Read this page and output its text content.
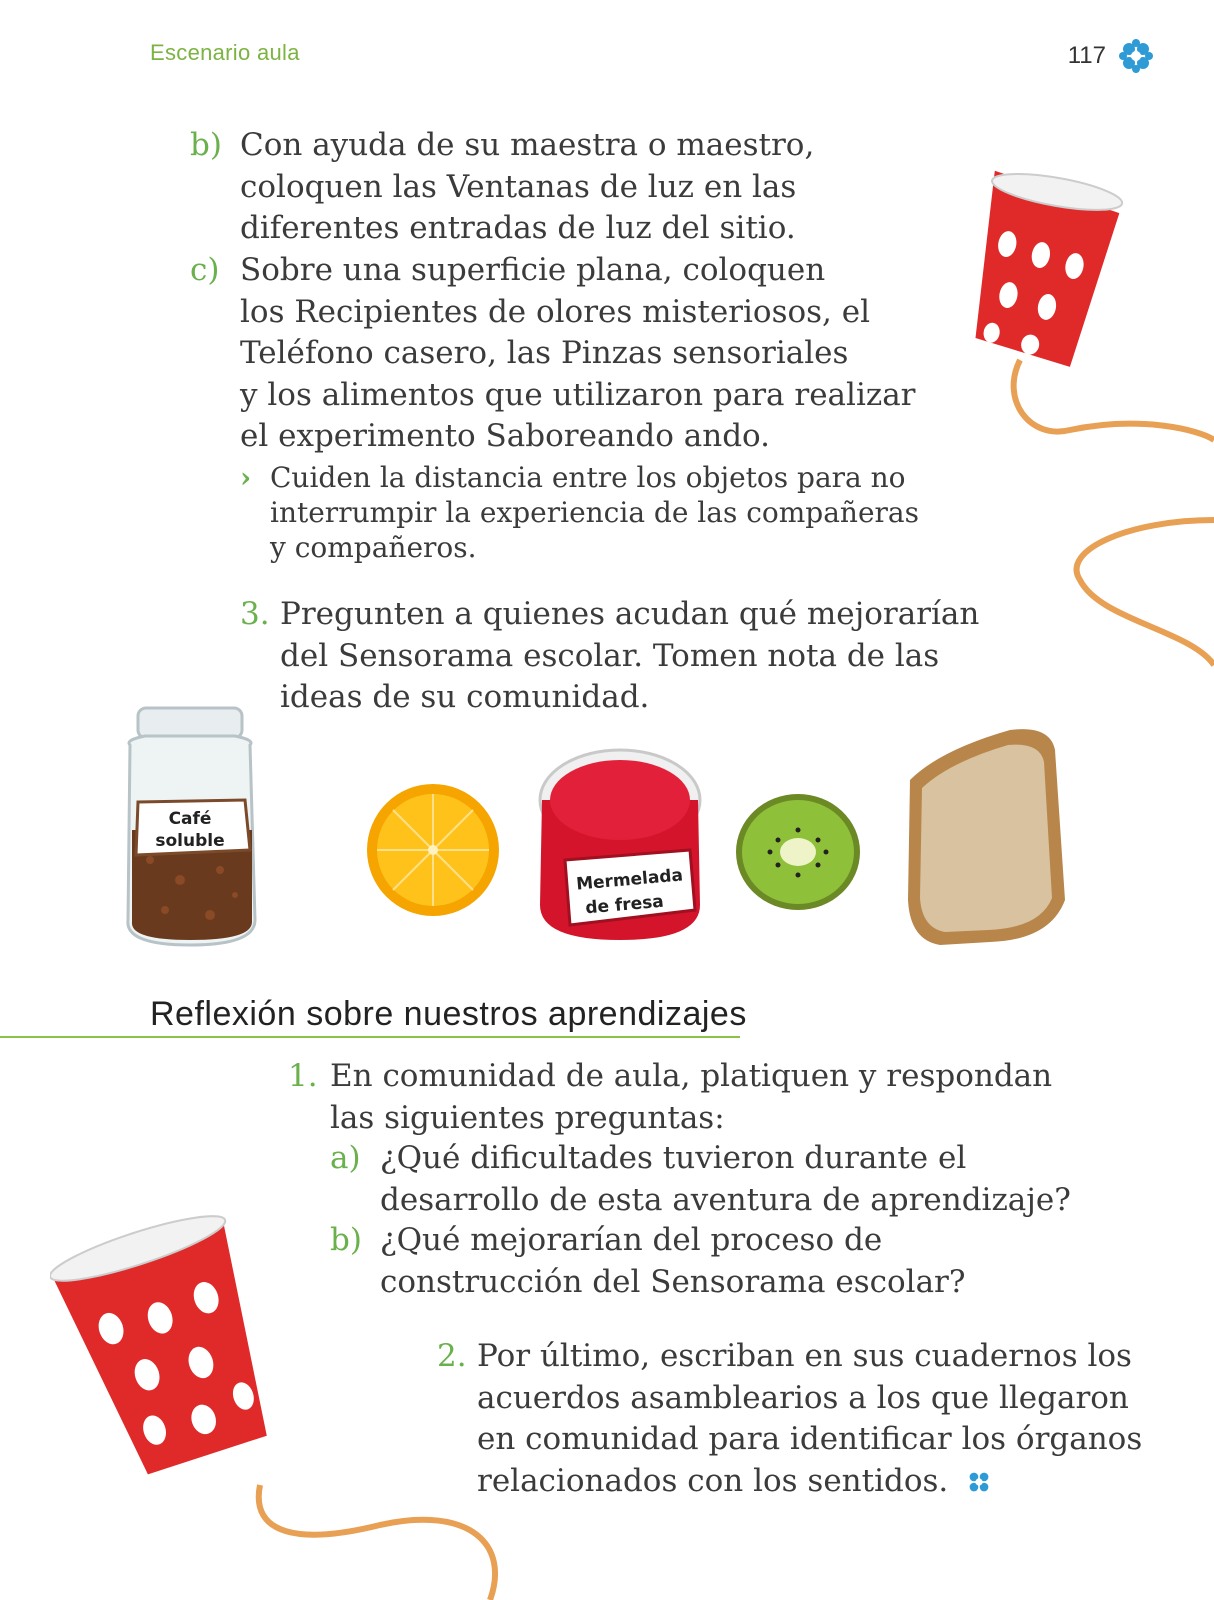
Escenario aula	117
b) Con ayuda de su maestra o maestro,
coloquen las Ventanas de luz en las
diferentes entradas de luz del sitio.
c) Sobre una superficie plana, coloquen
los Recipientes de olores misteriosos, el
Teléfono casero, las Pinzas sensoriales
y los alimentos que utilizaron para realizar
el experimento Saboreando ando.
› Cuiden la distancia entre los objetos para no
interrumpir la experiencia de las compañeras
y compañeros.
3. Pregunten a quienes acudan qué mejorarían
del Sensorama escolar. Tomen nota de las
ideas de su comunidad.
Café
soluble
Mermelada
de fresa
Reflexión sobre nuestros aprendizajes
1. En comunidad de aula, platiquen y respondan
las siguientes preguntas:
a) ¿Qué dificultades tuvieron durante el
desarrollo de esta aventura de aprendizaje?
b) ¿Qué mejorarían del proceso de
construcción del Sensorama escolar?
2. Por último, escriban en sus cuadernos los
acuerdos asamblearios a los que llegaron
en comunidad para identificar los órganos
relacionados con los sentidos.
